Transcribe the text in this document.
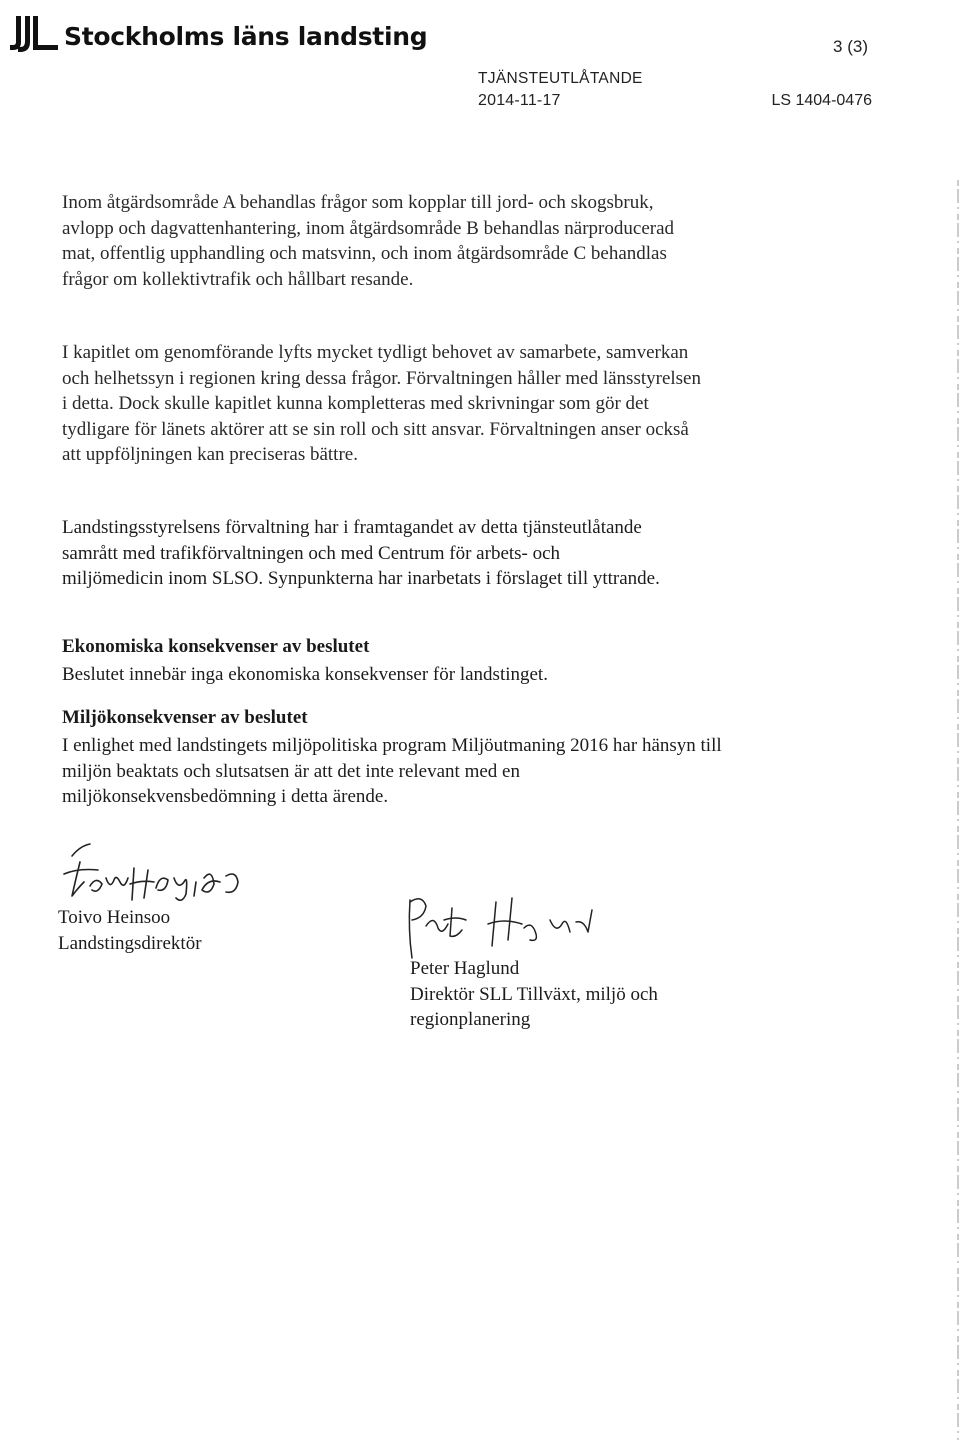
Stockholms läns landsting	3 (3)
TJÄNSTEUTLÅTANDE
2014-11-17	LS 1404-0476

Inom åtgärdsområde A behandlas frågor som kopplar till jord- och skogsbruk, avlopp och dagvattenhantering, inom åtgärdsområde B behandlas närproducerad mat, offentlig upphandling och matsvinn, och inom åtgärdsområde C behandlas frågor om kollektivtrafik och hållbart resande.

I kapitlet om genomförande lyfts mycket tydligt behovet av samarbete, samverkan och helhetssyn i regionen kring dessa frågor. Förvaltningen håller med länsstyrelsen i detta. Dock skulle kapitlet kunna kompletteras med skrivningar som gör det tydligare för länets aktörer att se sin roll och sitt ansvar. Förvaltningen anser också att uppföljningen kan preciseras bättre.

Landstingsstyrelsens förvaltning har i framtagandet av detta tjänsteutlåtande samrått med trafikförvaltningen och med Centrum för arbets- och miljömedicin inom SLSO. Synpunkterna har inarbetats i förslaget till yttrande.

Ekonomiska konsekvenser av beslutet

Beslutet innebär inga ekonomiska konsekvenser för landstinget.

Miljökonsekvenser av beslutet

I enlighet med landstingets miljöpolitiska program Miljöutmaning 2016 har hänsyn till miljön beaktats och slutsatsen är att det inte relevant med en miljökonsekvensbedömning i detta ärende.

Toivo Heinsoo
Landstingsdirektör
Peter Haglund
Direktör SLL Tillväxt, miljö och
regionplanering
